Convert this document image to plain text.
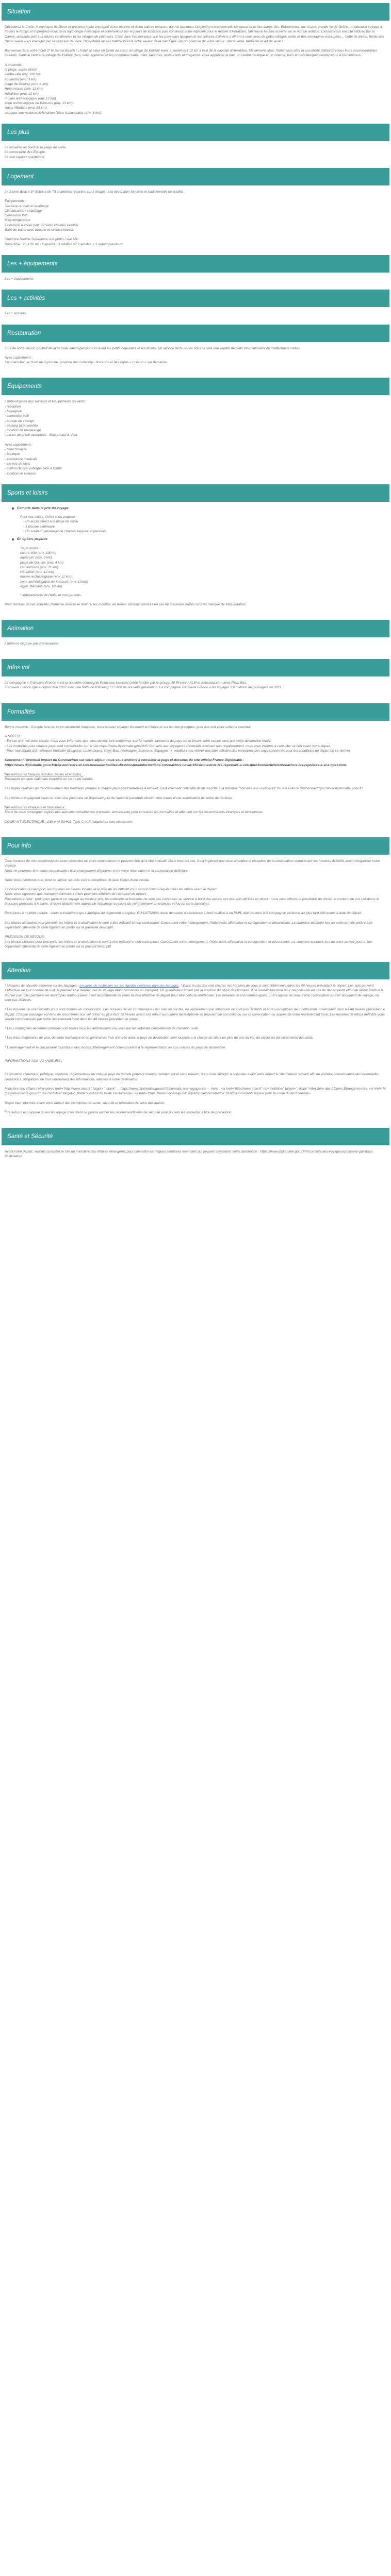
Situation

Découvrez la Crète, le mythique île Dieux et précieux joyau imprégné d'une histoire et d'une culture uniques, dont le fascinant Labyrinthe exceptionnelle surpasse celle des autres îles. Entreprenez, sur la plus grande île de Grèce, un fabuleux voyage à travers le temps et imprégnez-vous de la mythologie hellénique et commencez par le palais de Knossos puis continuez votre odyssée pour le musée d'Héraklion, fabuleuse fenêtre ouverte sur le monde antique. Laissez-vous ensuite séduire par la Canée, adorable port aux allures vénitiennes et les villages de pêcheurs. C'est dans l'arrière-pays que les paysages typiques et les cultures d'oliviers s'offrent à vous avec de petits villages isolés et des montagnes escarpées... Cette île divine, bénie des Dieux saura vous envouter par sa douceur de vivre, l'hospitalité de ses habitants et la riche saveur de la mer Égée. Au programme de votre séjour : découverte, farniente et art de vivre !

Bienvenue dans votre hôtel 3* le Samel Beach ! L'hôtel se situe en Crète au cœur du village de Kokkini Hani, à seulement 12 km à l'est de la capitale d'Héraklion. Idéalement situé, l'hôtel vous offre la possibilité d'atteindre tous leurs incontournables naturels. Dans le centre du village de Kokkini Hani, vous apprécierez les nombreux cafés, bars, tavernes, restaurants et magasins. Pour apprécier la mer, un centre nautique et un cinéma, bars et discothèques rendez-vous à Hersonissos...

A proximité :

la plage, accès direct
centre-ville env. 100 m)
aquarium (env. 3 km)
plage de Gouves (env. 4 km)
Hersonissos (env. 11 km)
Héraklion (env. 12 km)
musée archéologique (env 12 km)
zone archéologique de Knossos (env. 13 km)
Agios Nikolaos (env. 53 km)
aéroport international d'Héraklion Nikos Kazantzakis (env. 8 km).
Les plus
La situation au bord de la plage de sable
La convivialité des Equipes
Le bon rapport qualité/prix
Logement

Le Samel Beach 3* dispose de 73 chambres réparties sur 2 étages, à la décoration familiale et traditionnelle de qualité.

Equipements :

Terrasse ou balcon aménagé
Climatisation / chauffage
Connexion Wifi
Mini-réfrigérateur
Télévision à écran plat, 32 'avec chaines satellite
Salle de bains avec douche et sèche-cheveux
Chambre Double Supérieure vue jardin / vue Mer
Superficie : 20 à 26 m² - Capacité : 3 adultes ou 2 adultes + 1 enfant maximum
Les + équipements
Les + équipements
Les + activités
Les + activités
Restauration

Lors de votre séjour, profitez de la formule «demi-pension» incluant les petits-déjeuners et les dîners. Un service de boissons vous servira une variété de plats internationaux ou traditionnels crétois.

Avec supplément :

Un snack-bar, au bord de la piscine, propose des collations, boissons et des repas « maison » sur demande.

Équipements
L'hôtel dispose des services et équipements suivants :
- réception
- bagagerie
- connexion Wifi
- bureau de change
- parking (à proximité)
- location de nouveauge
- cartes de crédit acceptées : Mastercard & Visa.
Avec supplément :
- blanchisserie
- boutique
- assistance médicale
- service de taxis
- station de bus publique face à l'hôtel
- location de voitures
Sports et loisirs
Compris dans le prix du voyage
Pour vos loisirs, l'hôtel vous propose :
- Un accès direct à la plage de sable
- 1 piscine extérieure
- Un solarium aménagé de chaises longues et parasols
En option, payants
*A proximité :
centre-ville (env. 100 m)
aquarium (env. 3 km)
plage de Gouves (env. 4 km)
Hersonissos (env. 11 km)
Héraklion (env. 12 km)
musée archéologique (env 12 km)
zone archéologique de Knossos (env. 13 km)
Agios Nikolaos (env. 53 km)
* indépendants de l'hôtel et non garantis.

Pour certains de ces activités, l'hôtel se réserve le droit de les modifier, de fermer certains services en cas de mauvaise météo ou d'un manque de fréquentation.

Animation

L'hôtel ne dispose pas d'animations.

Infos vol

La compagnie « Transavia France » est la nouvelle compagnie Française low-cost créée fondée par le groupe Air France / KLM et transavia.com avec Pays-Bas.

Transavia France opère depuis Mai 2007 avec une flotte de 8 Boeing 737-800 de nouvelle génération. La compagnie Transavia France a fait voyager 1,8 millions de passagers en 2011.

Formalités

Bonne nouvelle : Compte tenu de votre nationalité française, vous pouvez voyager librement en Grèce et sur les îles grecques, quel que soit votre schéma vaccinal.

A NOTER :

- En cas d'un vol avec escale, nous vous informons que vous devrez être conformes aux formalités sanitaires du pays où se trouve votre escale ainsi que votre destination finale.
- Les modalités pour chaque pays sont consultables sur le site https://www.diplomatie.gouv.fr/fr/ Conseils aux voyageurs L'actualité évoluant très régulièrement, nous vous invitons à consulter ce lien avant votre départ.
- Pour tout départ d'un aéroport frontalier (Belgique, Luxembourg, Pays-Bas, Allemagne, Suisse ou Espagne...), veuillez vous référer aux sites officiels des ministères des pays concernés pour les conditions de départ de ce dernier.

Concernant l'éventuel impact du Coronavirus sur votre séjour, nous vous invitons à consulter la page ci-dessous du site officiel France Diplomatie :

https://www.diplomatie.gouv.fr/fr/le-ministere-et-son-reseau/actualites-du-ministere/informations-coronavirus-covid-19/coronavirus-les-reponses-a-vos-questions/article/coronavirus-les-reponses-a-vos-questions

Ressortissants français (adultes, bébés et enfants) :

Passeport ou carte nationale d'identité en cours de validité.

Les règles relatives au franchissement des frontières propres à chaque pays étant amenées à évoluer, il est vivement conseillé de se reporter à la rubrique "conseils aux voyageurs" du site France Diplomatie:https://www.diplomatie.gouv.fr/

Les mineurs voyageant seuls ou avec une personne ne disposant pas de l'autorité parentale doivent être munis d'une autorisation de sortie de territoire.

Ressortissants étrangers et binationaux :

Merci de vous renseigner auprès des autorités compétentes (consulat, ambassade) pour connaître les formalités et attention sur les ressortissants étrangers et binationaux.

COURANT ÉLECTRIQUE : 230 V (A 50 Hz). Type C et F. Adaptateur non nécessaire.

Pour info

Tous horaires de vols communiqués avant réception de votre convocation ne peuvent être qu'à titre indicatif. Dans tous les cas, il est impératif que vous attendiez la réception de la convocation comprenant les horaires définitifs avant d'organiser votre voyage.

Nous ne pourrons être tenus responsables d'un changement d'horaires entre votre réservation et la convocation définitive.

Nous vous informons que, pour ce séjour, les vols sont susceptibles de faire l'objet d'une escale.

La convocation à l'aéroport, les horaires en heures locales et le plan de vol définitif vous seront communiqués dans les délais avant le départ.

Nous vous signalons que l'aéroport d'arrivée à Paris peut être différent de l'aéroport de départ.

Prestations à bord : pour vous garantir un voyage au meilleur prix, les collations et boissons ne sont pas comprises au service à bord des avions lors des vols affrétés en direct : nous vous offrons la possibilité de choisir le contenu de vos collations et boissons proposés à la carte, à régler directement auprès de l'équipage au cours du vol (paiement en espèces et /ou en carte bancaire).

Personnes à mobilité réduite : selon le traitement qui s'applique du règlement européen EU 1107/2006, toute demande d'assistance à bord relative à un PMR, doit parvenir à la compagnie aérienne au plus tard 48h avant la date de départ.

Les places attribuées pour prévenir les hôtels et la destination le sont à titre indicatif et non contractuel. Concernant votre hébergement, l'hôtel reste affirmative la configuration et décorations. La chambre attribuée lors de votre arrivée pourra être cependant différente de celle figurant en photo sur la présente descriptif.

PRÉCISION DE SÉJOUR :

Les photos utilisées pour présenter les hôtels et la destination le sont à titre indicatif et non contractuel. Concernant votre hébergement, l'hôtel reste affirmative la configuration et décorations. La chambre attribuée lors de votre arrivée pourra être cependant différente de celle figurant en photo sur la présent descriptif.

Attention

* Mesures de sécurité aérienne sur les bagages : mesures de restriction sur les liquides contenus dans les bagages. * Dans le cas des vols charter, les horaires de vous ci sont déterminés dans les 48 heures précédant le départ. Les vols peuvent s'effectuer de jour comme de nuit, le premier et le dernier jour du voyage étant consacrés au transport. Un granulaire n'incant pas la maîtrise du choix des horaires, il ne saurait être tenu pour responsable en cas de départ tardif et/ou de retour matinal le dernier jour. Ces partitions ne seront pas remboursées. Il est recommandé de noter la date effective de départ pour être celle du lendemain. Les horaires de vol communiqués, qu'il s'agisse de ceux d'une convocation ou d'un document de voyage, ne sont pas définitifs.

* Les horaires de vol indicatifs vous sont donnés en convocation. Les horaires de vol communiqués par mail ou par fax, ou verbalement par téléphone ne sont pas définitifs et sont susceptibles de modification, notamment dans les 48 heures précédant le départ. Chaque passager est tenu de reconfirmer son vol retour au plus tard 72 heures avant son retour au numéro de téléphone se trouvant sur son billet ou sur sa convocation ou auprès de notre représentant local. Les horaires de retour définitifs vous seront communiqués par notre représentant local dans les 48 heures précédant le retour.

* Les compagnies aériennes utilisées sont toutes reçu les autorisations requises par les autorités compétentes de l'aviation civile.

* Les frais obligatoires de visa, de carte touristique et en général les frais d'entrée dans le pays de destination sont toujours à la charge du client en plus du prix du vol, du séjour ou du circuit et/ou des nuits.

* L'aménagement et le classement touristique des modes d'hébergement correspondent à la réglementation ou aux usages du pays de destination.

INFORMATIONS AUX VOYAGEURS :

La situation climatique, politique, sanitaire, réglementaire de chaque pays du monde pouvant changer subitement et sans préavis, nous vous invitons à consulter avant votre départ le site Internet suivant afin de prendre connaissance des éventuelles restrictions, obligations ou tout simplement des informations relatives à votre destination.

Ministère des affaires étrangères href="http://www.mae.fr" target="_blank" ... https://www.diplomatie.gouv.fr/fr/conseils-aux-voyageurs/ — liens : <a href="http://www.mae.fr" rel="nofollow" target="_blank">Ministère des Affaires Étrangères</a>, <a href="https://www.sante.gouv.fr" rel="nofollow" target="_blank">Institut de veille sanitaire</a>, <a href="https://www.service-public.fr/particuliers/vosdroits/F1820">Documents légaux pour la sortie du territoire</a>.

Soyez bien informés avant votre départ des conditions de santé, sécurité et formalités de votre destination.

*Toutefois il est rappelé qu'aucun voyage d'un client ne pourra vérifier les recommandations de sécurité pour pouvoir les respecter à titre de précaution.

Santé et Sécurité

Avant votre départ, veuillez consulter le site du ministère des Affaires étrangères pour connaître les risques sanitaires éventuels qui peuvent concerner votre destination : https://www.diplomatie.gouv.fr/fr/conseils-aux-voyageurs/conseils-par-pays-destination/
